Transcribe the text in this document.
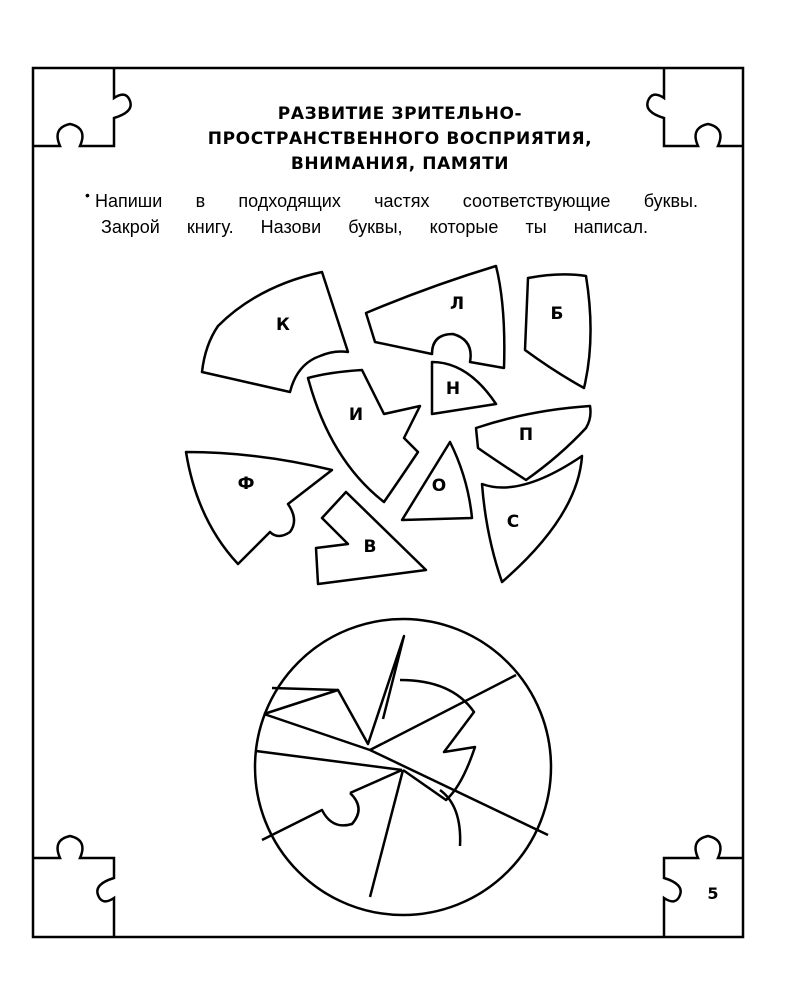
К
Л	Б
Н
И
П
Ф	О
С
В
РАЗВИТИЕ ЗРИТЕЛЬНО-
ПРОСТРАНСТВЕННОГО ВОСПРИЯТИЯ,
ВНИМАНИЯ, ПАМЯТИ
• Напиши в подходящих частях соответствующие буквы.
Закрой книгу. Назови буквы, которые ты написал.
5
